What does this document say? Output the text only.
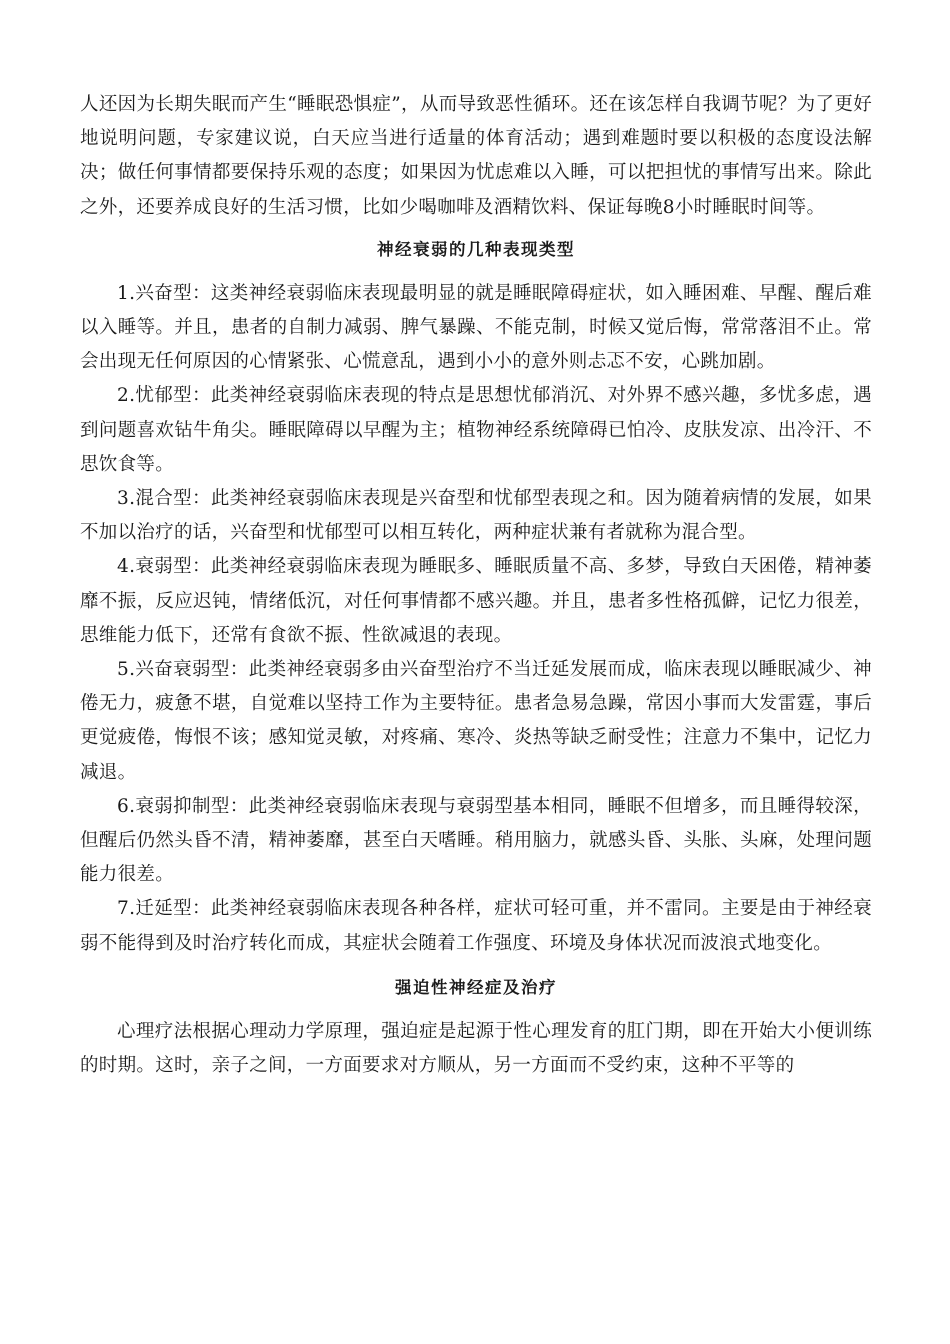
人还因为长期失眠而产生“睡眠恐惧症”，从而导致恶性循环。还在该怎样自我调节呢？为了更好地说明问题，专家建议说，白天应当进行适量的体育活动；遇到难题时要以积极的态度设法解决；做任何事情都要保持乐观的态度；如果因为忧虑难以入睡，可以把担忧的事情写出来。除此之外，还要养成良好的生活习惯，比如少喝咖啡及酒精饮料、保证每晚8小时睡眠时间等。

神经衰弱的几种表现类型

1.兴奋型：这类神经衰弱临床表现最明显的就是睡眠障碍症状，如入睡困难、早醒、醒后难以入睡等。并且，患者的自制力减弱、脾气暴躁、不能克制，时候又觉后悔，常常落泪不止。常会出现无任何原因的心情紧张、心慌意乱，遇到小小的意外则忐忑不安，心跳加剧。

2.忧郁型：此类神经衰弱临床表现的特点是思想忧郁消沉、对外界不感兴趣，多忧多虑，遇到问题喜欢钻牛角尖。睡眠障碍以早醒为主；植物神经系统障碍已怕冷、皮肤发凉、出冷汗、不思饮食等。

3.混合型：此类神经衰弱临床表现是兴奋型和忧郁型表现之和。因为随着病情的发展，如果不加以治疗的话，兴奋型和忧郁型可以相互转化，两种症状兼有者就称为混合型。

4.衰弱型：此类神经衰弱临床表现为睡眠多、睡眠质量不高、多梦，导致白天困倦，精神萎靡不振，反应迟钝，情绪低沉，对任何事情都不感兴趣。并且，患者多性格孤僻，记忆力很差，思维能力低下，还常有食欲不振、性欲减退的表现。

5.兴奋衰弱型：此类神经衰弱多由兴奋型治疗不当迁延发展而成，临床表现以睡眠减少、神倦无力，疲惫不堪，自觉难以坚持工作为主要特征。患者急易急躁，常因小事而大发雷霆，事后更觉疲倦，悔恨不该；感知觉灵敏，对疼痛、寒冷、炎热等缺乏耐受性；注意力不集中，记忆力减退。

6.衰弱抑制型：此类神经衰弱临床表现与衰弱型基本相同，睡眠不但增多，而且睡得较深，但醒后仍然头昏不清，精神萎靡，甚至白天嗜睡。稍用脑力，就感头昏、头胀、头麻，处理问题能力很差。

7.迁延型：此类神经衰弱临床表现各种各样，症状可轻可重，并不雷同。主要是由于神经衰弱不能得到及时治疗转化而成，其症状会随着工作强度、环境及身体状况而波浪式地变化。

强迫性神经症及治疗

心理疗法根据心理动力学原理，强迫症是起源于性心理发育的肛门期，即在开始大小便训练的时期。这时，亲子之间，一方面要求对方顺从，另一方面而不受约束，这种不平等的
